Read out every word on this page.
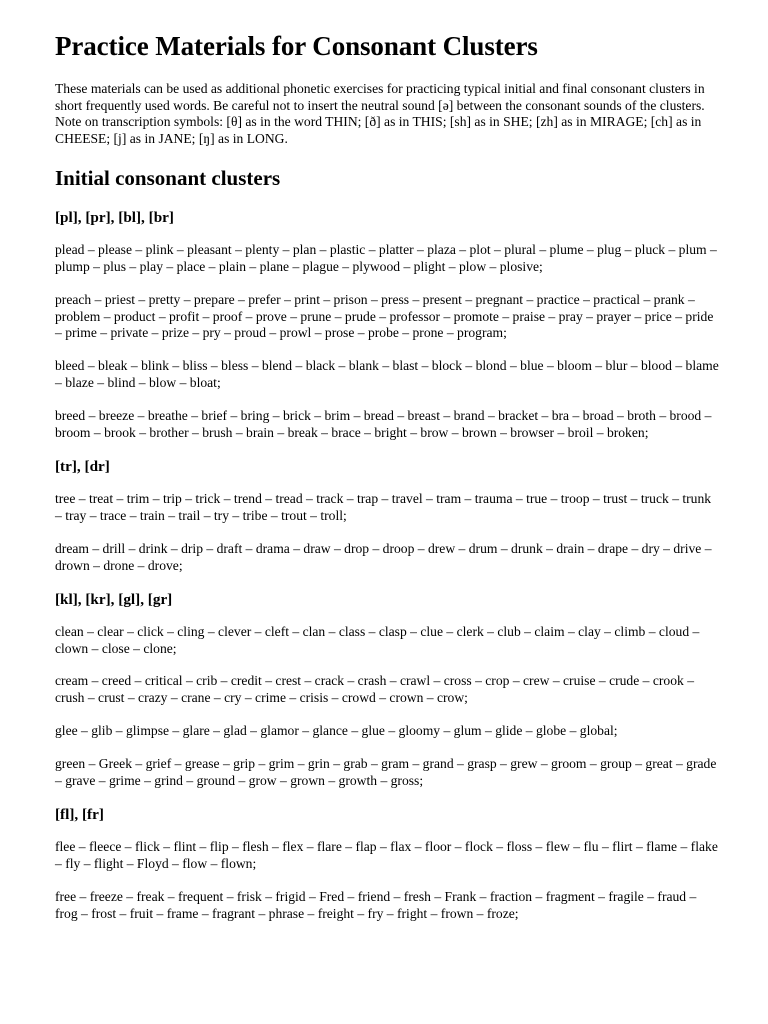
Practice Materials for Consonant Clusters

These materials can be used as additional phonetic exercises for practicing typical initial and final consonant clusters in short frequently used words. Be careful not to insert the neutral sound [ə] between the consonant sounds of the clusters. Note on transcription symbols: [θ] as in the word THIN; [ð] as in THIS; [sh] as in SHE; [zh] as in MIRAGE; [ch] as in CHEESE; [j] as in JANE; [ŋ] as in LONG.

Initial consonant clusters
[pl], [pr], [bl], [br]

plead – please – plink – pleasant – plenty – plan – plastic – platter – plaza – plot – plural – plume – plug – pluck – plum – plump – plus – play – place – plain – plane – plague – plywood – plight – plow – plosive;

preach – priest – pretty – prepare – prefer – print – prison – press – present – pregnant – practice – practical – prank – problem – product – profit – proof – prove – prune – prude – professor – promote – praise – pray – prayer – price – pride – prime – private – prize – pry – proud – prowl – prose – probe – prone – program;

bleed – bleak – blink – bliss – bless – blend – black – blank – blast – block – blond – blue – bloom – blur – blood – blame – blaze – blind – blow – bloat;

breed – breeze – breathe – brief – bring – brick – brim – bread – breast – brand – bracket – bra – broad – broth – brood – broom – brook – brother – brush – brain – break – brace – bright – brow – brown – browser – broil – broken;

[tr], [dr]

tree – treat – trim – trip – trick – trend – tread – track – trap – travel – tram – trauma – true – troop – trust – truck – trunk – tray – trace – train – trail – try – tribe – trout – troll;

dream – drill – drink – drip – draft – drama – draw – drop – droop – drew – drum – drunk – drain – drape – dry – drive – drown – drone – drove;

[kl], [kr], [gl], [gr]

clean – clear – click – cling – clever – cleft – clan – class – clasp – clue – clerk – club – claim – clay – climb – cloud – clown – close – clone;

cream – creed – critical – crib – credit – crest – crack – crash – crawl – cross – crop – crew – cruise – crude – crook – crush – crust – crazy – crane – cry – crime – crisis – crowd – crown – crow;

glee – glib – glimpse – glare – glad – glamor – glance – glue – gloomy – glum – glide – globe – global;

green – Greek – grief – grease – grip – grim – grin – grab – gram – grand – grasp – grew – groom – group – great – grade – grave – grime – grind – ground – grow – grown – growth – gross;

[fl], [fr]

flee – fleece – flick – flint – flip – flesh – flex – flare – flap – flax – floor – flock – floss – flew – flu – flirt – flame – flake – fly – flight – Floyd – flow – flown;

free – freeze – freak – frequent – frisk – frigid – Fred – friend – fresh – Frank – fraction – fragment – fragile – fraud – frog – frost – fruit – frame – fragrant – phrase – freight – fry – fright – frown – froze;
